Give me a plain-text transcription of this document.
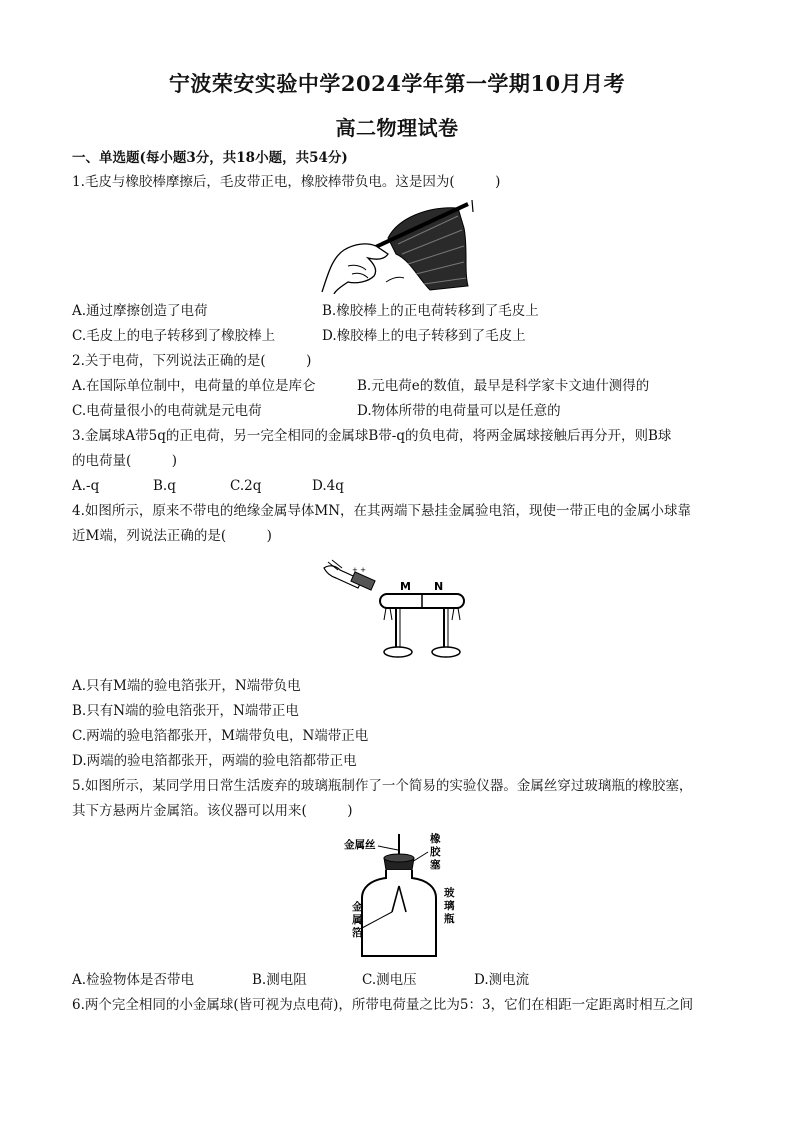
宁波荣安实验中学2024学年第一学期10月月考
高二物理试卷
一、单选题(每小题3分，共18小题，共54分)
1.毛皮与橡胶棒摩擦后，毛皮带正电，橡胶棒带负电。这是因为(　　　)
A.通过摩擦创造了电荷	B.橡胶棒上的正电荷转移到了毛皮上
C.毛皮上的电子转移到了橡胶棒上	D.橡胶棒上的电子转移到了毛皮上
2.关于电荷，下列说法正确的是(　　　)
A.在国际单位制中，电荷量的单位是库仑	B.元电荷e的数值，最早是科学家卡文迪什测得的
C.电荷量很小的电荷就是元电荷	D.物体所带的电荷量可以是任意的
3.金属球A带5q的正电荷，另一完全相同的金属球B带-q的负电荷，将两金属球接触后再分开，则B球
的电荷量(　　　)
A.-q	B.q	C.2q	D.4q
4.如图所示，原来不带电的绝缘金属导体MN，在其两端下悬挂金属验电箔，现使一带正电的金属小球靠
近M端，列说法正确的是(　　　)
+ +
M N
A.只有M端的验电箔张开，N端带负电
B.只有N端的验电箔张开，N端带正电
C.两端的验电箔都张开，M端带负电，N端带正电
D.两端的验电箔都张开，两端的验电箔都带正电
5.如图所示，某同学用日常生活废弃的玻璃瓶制作了一个简易的实验仪器。金属丝穿过玻璃瓶的橡胶塞，
其下方悬两片金属箔。该仪器可以用来(　　　)
金属丝	橡胶塞
玻璃瓶
金属箔
A.检验物体是否带电	B.测电阻	C.测电压	D.测电流
6.两个完全相同的小金属球(皆可视为点电荷)，所带电荷量之比为5：3，它们在相距一定距离时相互之间
